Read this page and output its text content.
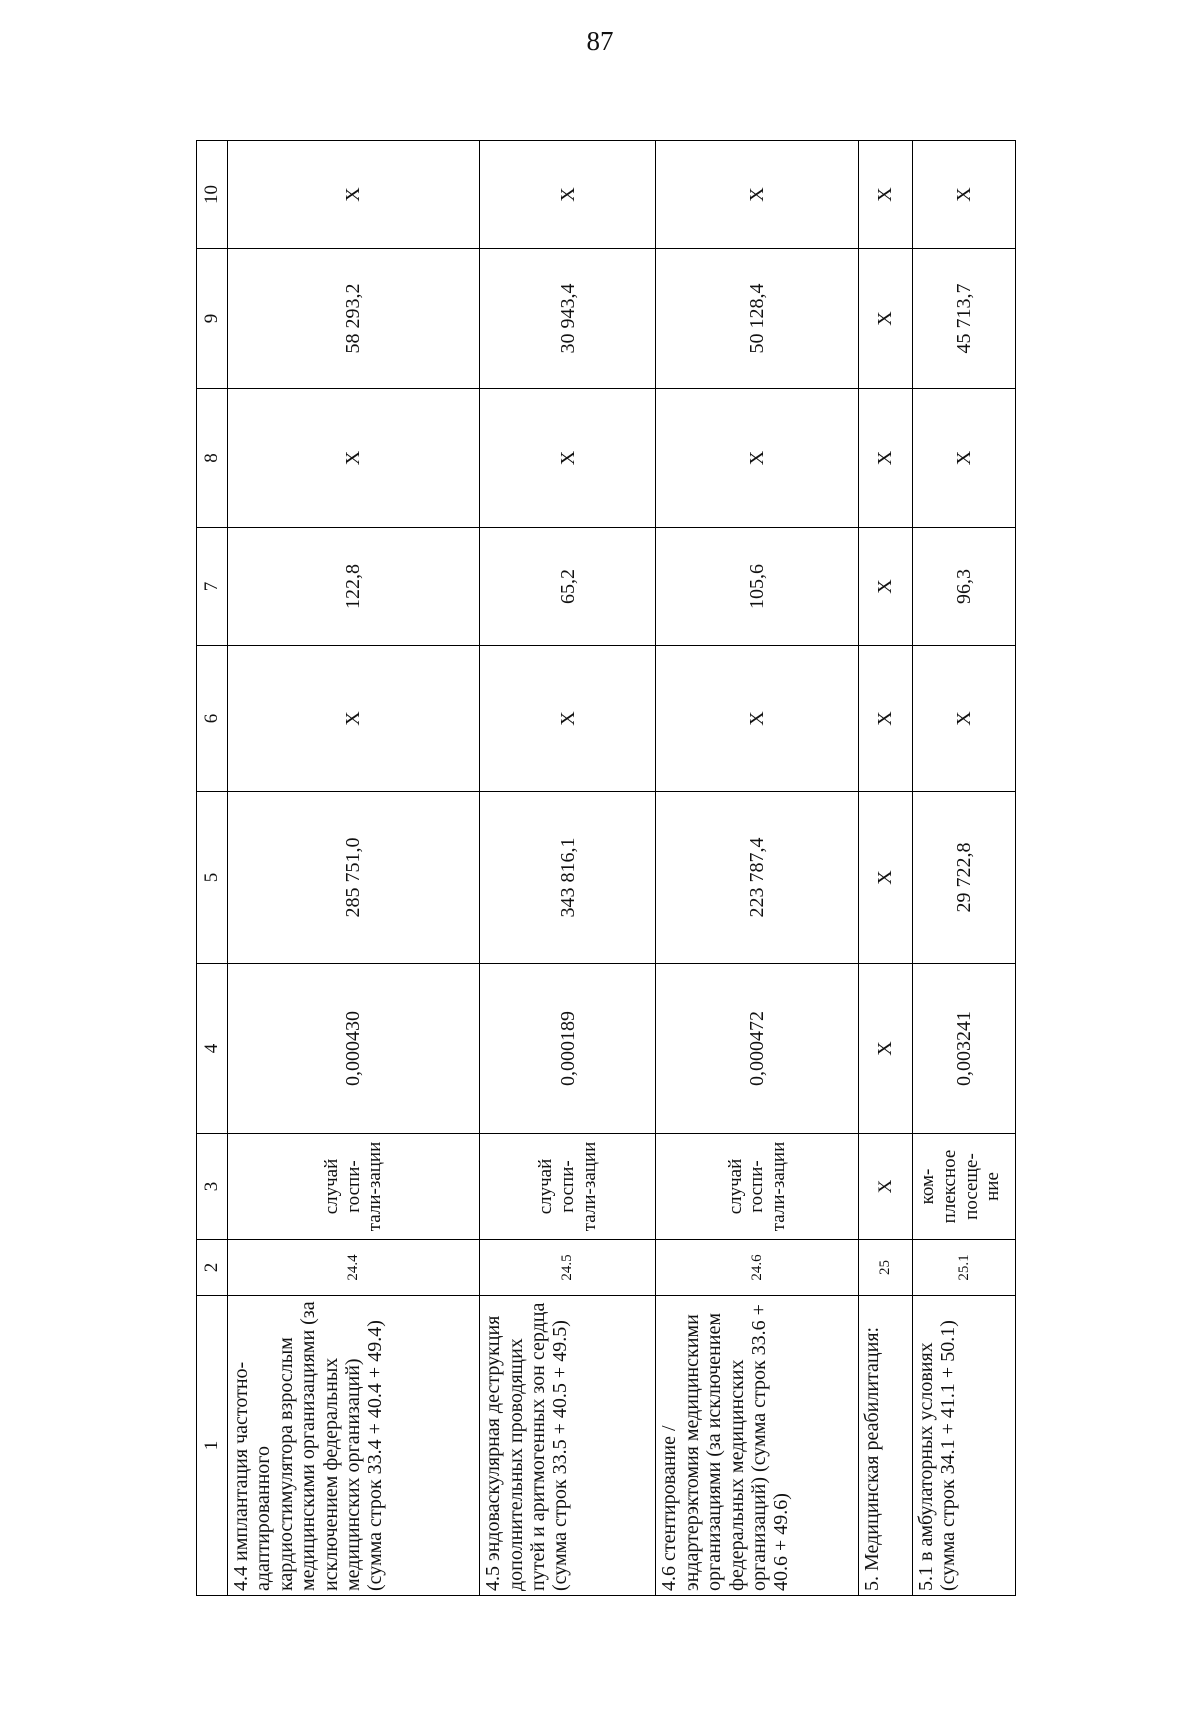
87
1	2	3	4	5	6	7	8	9	10
4.4 имплантация частотно-адаптированного кардиостимулятора взрослым медицинскими организациями (за исключением федеральных медицинских организаций) (сумма строк 33.4 + 40.4 + 49.4)	24.4	случай госпи-тали-зации	0,000430	285 751,0	Х	122,8	Х	58 293,2	Х
4.5 эндоваскулярная деструкция дополнительных проводящих путей и аритмогенных зон сердца (сумма строк 33.5 + 40.5 + 49.5)	24.5	случай госпи-тали-зации	0,000189	343 816,1	Х	65,2	Х	30 943,4	Х
4.6 стентирование / эндартерэктомия медицинскими организациями (за исключением федеральных медицинских организаций) (сумма строк 33.6 + 40.6 + 49.6)	24.6	случай госпи-тали-зации	0,000472	223 787,4	Х	105,6	Х	50 128,4	Х
5. Медицинская реабилитация:	25	Х	Х	Х	Х	Х	Х	Х	Х
5.1 в амбулаторных условиях (сумма строк 34.1 + 41.1 + 50.1)	25.1	ком-плексное посеще-ние	0,003241	29 722,8	Х	96,3	Х	45 713,7	Х
